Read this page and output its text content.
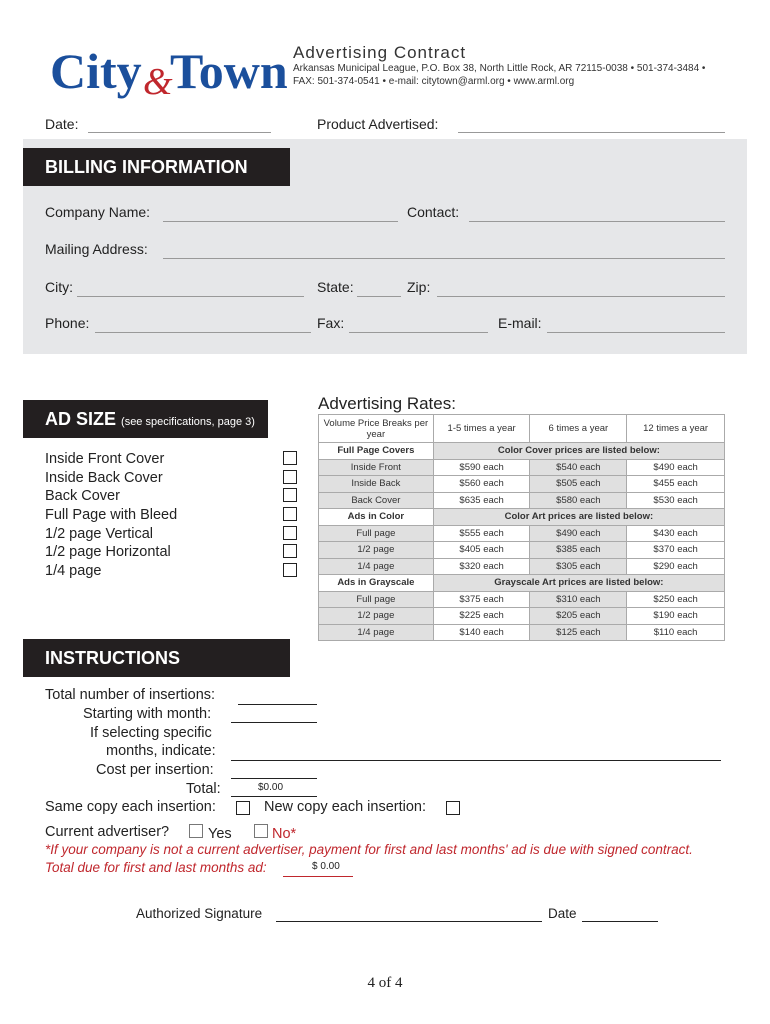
City &
Town Advertising Contract
Arkansas Municipal League, P.O. Box 38, North Little Rock, AR 72115-0038 • 501-374-3484 •
FAX: 501-374-0541 • e-mail: citytown@arml.org • www.arml.org
Date:	Product Advertised:
BILLING INFORMATION
Company Name:	Contact:
Mailing Address:
City:	State:	Zip:
Phone:	Fax:	E-mail:
AD SIZE (see specifications, page 3)
Inside Front Cover
Inside Back Cover
Back Cover
Full Page with Bleed
1/2 page Vertical
1/2 page Horizontal
1/4 page
Advertising Rates:
Volume Price Breaks per year	1-5 times a year	6 times a year	12 times a year
Full Page Covers	Color Cover prices are listed below:		
Inside Front	$590 each	$540 each	$490 each
Inside Back	$560 each	$505 each	$455 each
Back Cover	$635 each	$580 each	$530 each
Ads in Color	Color Art prices are listed below:		
Full page	$555 each	$490 each	$430 each
1/2 page	$405 each	$385 each	$370 each
1/4 page	$320 each	$305 each	$290 each
Ads in Grayscale	Grayscale Art prices are listed below:		
Full page	$375 each	$310 each	$250 each
1/2 page	$225 each	$205 each	$190 each
1/4 page	$140 each	$125 each	$110 each
INSTRUCTIONS
Total number of insertions:
Starting with month:
If selecting specific
months, indicate:
Cost per insertion:
Total:	$0.00
Same copy each insertion:	New copy each insertion:
Current advertiser?	Yes	No*
*If your company is not a current advertiser, payment for first and last months' ad is due with signed contract.
Total due for first and last months ad:	$ 0.00
Authorized Signature	Date
4 of 4
